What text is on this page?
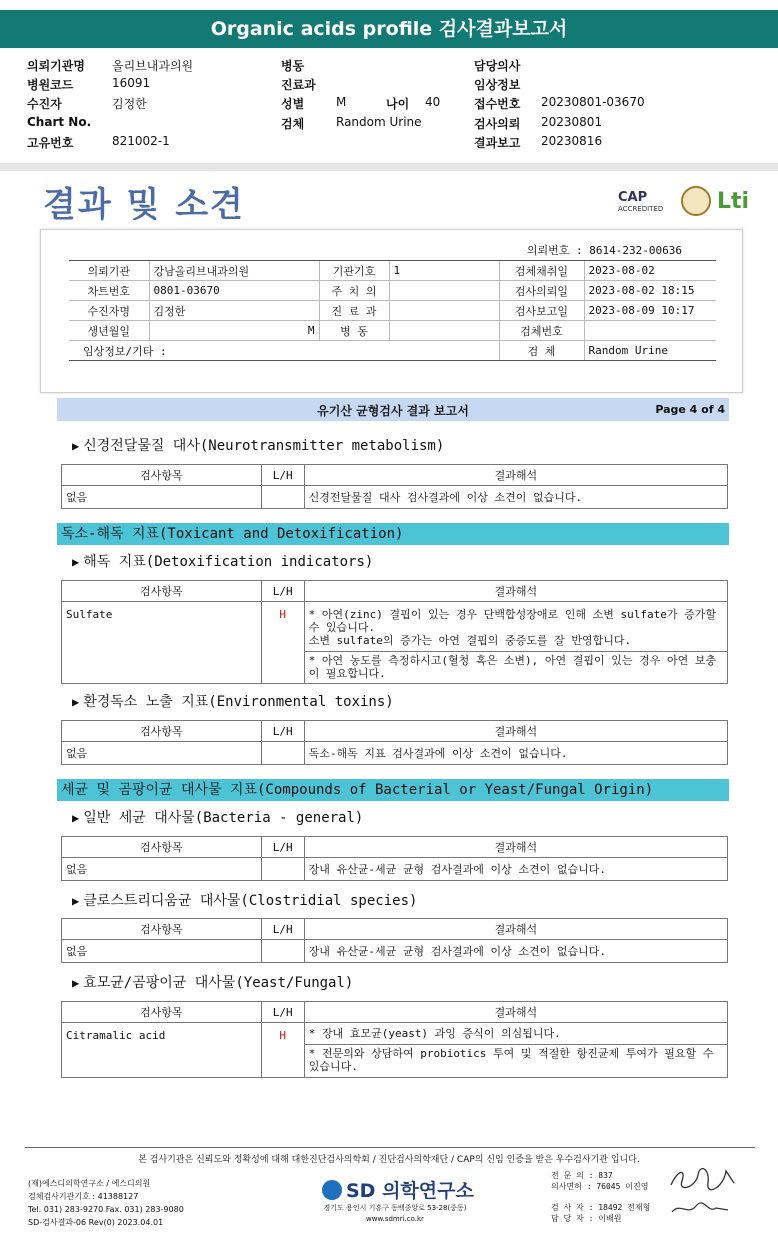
Organic acids profile 검사결과보고서
의뢰기관명 올리브내과의원	병동	담당의사
병원코드	16091	진료과	임상정보
수진자	김정한	성별	M	나이 40	접수번호 20230801-03670
Chart No.	검체	Random Urine	검사의뢰 20230801
고유번호	821002-1	결과보고 20230816
결과 및 소견	CAP
ACCREDITED	Lti
의뢰번호 : 8614-232-00636
의뢰기관	강남올리브내과의원	기관기호	1	검체채취일	2023-08-02
차트번호	0801-03670	주 치 의		검사의뢰일	2023-08-02 18:15
수진자명	김정한	진 료 과		검사보고일	2023-08-09 10:17
생년월일	M	병 동		검체번호	
임상정보/기타 :				검 체	Random Urine
유기산 균형검사 결과 보고서	Page 4 of 4
▶ 신경전달물질 대사(Neurotransmitter metabolism)
검사항목	L/H	결과해석
없음		신경전달물질 대사 검사결과에 이상 소견이 없습니다.
독소-해독 지표(Toxicant and Detoxification)
▶ 해독 지표(Detoxification indicators)
검사항목	L/H	결과해석
Sulfate	H	* 아연(zinc) 결핍이 있는 경우 단백합성장애로 인해 소변 sulfate가 증가할 수 있습니다.
소변 sulfate의 증가는 아연 결핍의 중증도를 잘 반영합니다.

		* 아연 농도를 측정하시고(혈청 혹은 소변), 아연 결핍이 있는 경우 아연 보충이 필요합니다.
▶ 환경독소 노출 지표(Environmental toxins)
검사항목	L/H	결과해석
없음		독소-해독 지표 검사결과에 이상 소견이 없습니다.
세균 및 곰팡이균 대사물 지표(Compounds of Bacterial or Yeast/Fungal Origin)
▶ 일반 세균 대사물(Bacteria - general)
검사항목	L/H	결과해석
없음		장내 유산균-세균 균형 검사결과에 이상 소견이 없습니다.
▶ 클로스트리디움균 대사물(Clostridial species)
검사항목	L/H	결과해석
없음		장내 유산균-세균 균형 검사결과에 이상 소견이 없습니다.
▶ 효모균/곰팡이균 대사물(Yeast/Fungal)
검사항목	L/H	결과해석
Citramalic acid	H	* 장내 효모균(yeast) 과잉 증식이 의심됩니다.
		* 전문의와 상담하여 probiotics 투여 및 적절한 항진균제 투여가 필요할 수 있습니다.
본 검사기관은 신뢰도와 정확성에 대해 대한진단검사의학회 / 진단검사의학재단 / CAP의 신임 인증을 받은 우수검사기관 입니다.
(재)에스디의학연구소 / 에스디의원
검체검사기관기호 : 41388127
Tel. 031) 283-9270 Fax. 031) 283-9080
SD-검사결과-06 Rev(0) 2023.04.01
SD 의학연구소
경기도 용인시 기흥구 동백중앙로 53-28(중동)
www.sdmri.co.kr
전 문 의 : 837
의사면허 : 76045 이진영
검 사 자 : 18492 전재형
담 당 자 : 이배원
